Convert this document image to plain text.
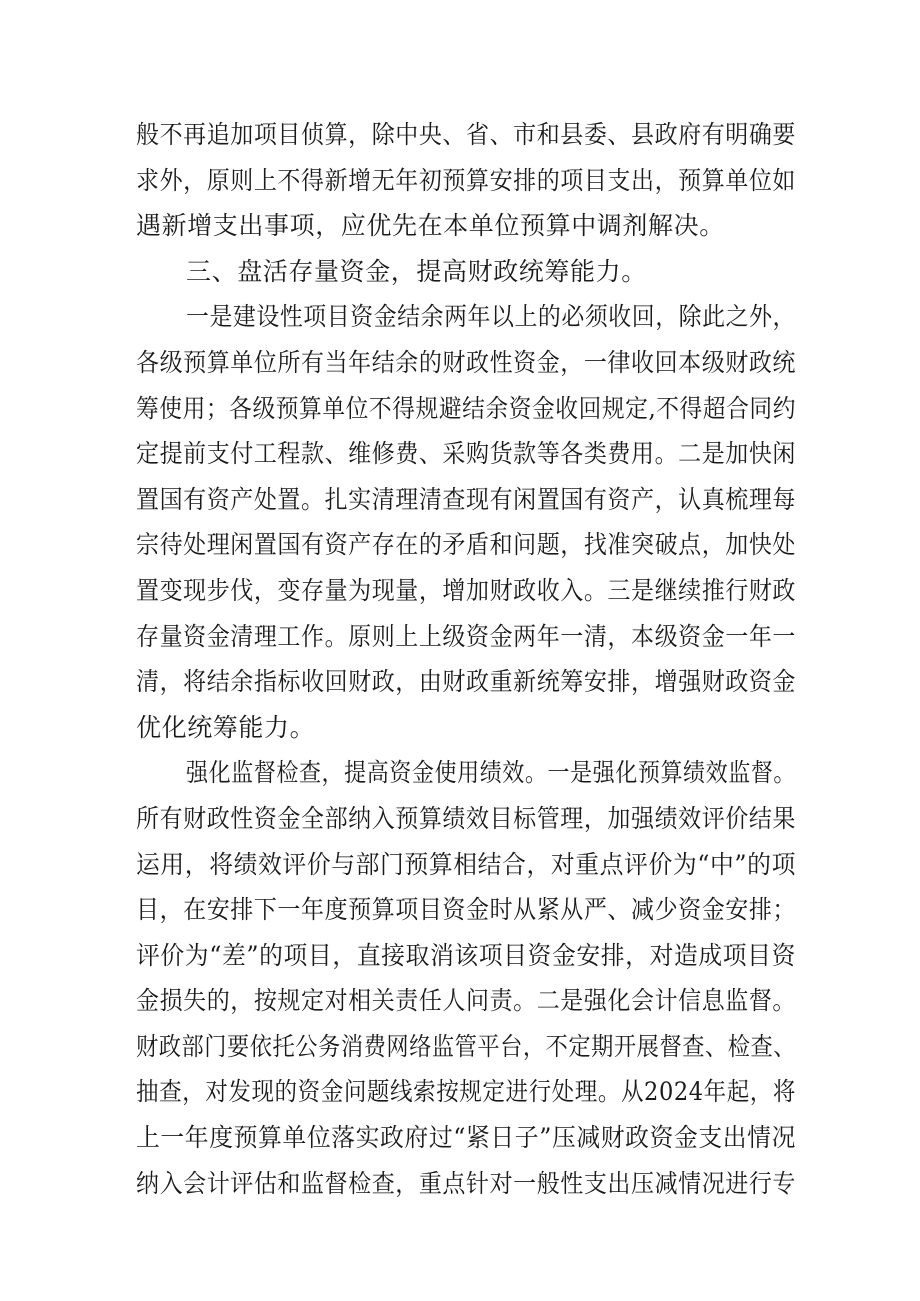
般不再追加项目侦算，除中央、省、市和县委、县政府有明确要
求外，原则上不得新增无年初预算安排的项目支出，预算单位如
遇新增支出事项，应优先在本单位预算中调剂解决。
三、盘活存量资金，提高财政统筹能力。
一是建设性项目资金结余两年以上的必须收回，除此之外，
各级预算单位所有当年结余的财政性资金，一律收回本级财政统
筹使用；各级预算单位不得规避结余资金收回规定,不得超合同约
定提前支付工程款、维修费、采购货款等各类费用。二是加快闲
置国有资产处置。扎实清理清查现有闲置国有资产，认真梳理每
宗待处理闲置国有资产存在的矛盾和问题，找准突破点，加快处
置变现步伐，变存量为现量，增加财政收入。三是继续推行财政
存量资金清理工作。原则上上级资金两年一清，本级资金一年一
清，将结余指标收回财政，由财政重新统筹安排，增强财政资金
优化统筹能力。
强化监督检查，提高资金使用绩效。一是强化预算绩效监督。
所有财政性资金全部纳入预算绩效目标管理，加强绩效评价结果
运用，将绩效评价与部门预算相结合，对重点评价为“中”的项
目，在安排下一年度预算项目资金时从紧从严、减少资金安排；
评价为“差”的项目，直接取消该项目资金安排，对造成项目资
金损失的，按规定对相关责任人问责。二是强化会计信息监督。
财政部门要依托公务消费网络监管平台，不定期开展督查、检查、
抽查，对发现的资金问题线索按规定进行处理。从2024年起，将
上一年度预算单位落实政府过“紧日子”压减财政资金支出情况
纳入会计评估和监督检查，重点针对一般性支出压减情况进行专
